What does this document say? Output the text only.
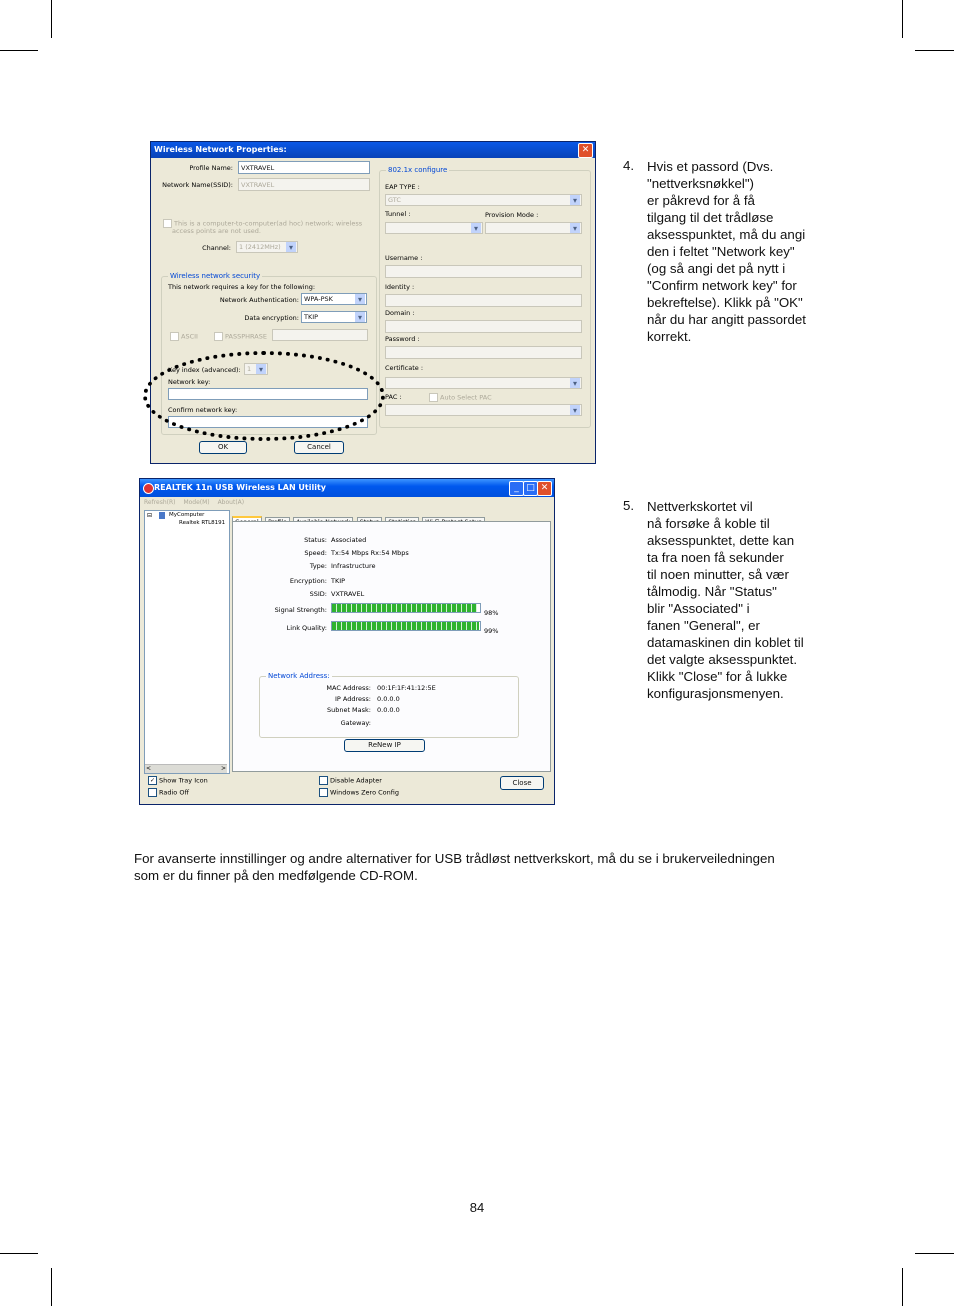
Wireless Network Properties:	✕
Profile Name:	VXTRAVEL
Network Name(SSID):	VXTRAVEL
This is a computer-to-computer(ad hoc) network; wireless
access points are not used.
Channel:	1 (2412MHz) ▾
Wireless network security
This network requires a key for the following:
Network Authentication: WPA-PSK ▾
Data encryption: TKIP ▾
ASCII	PASSPHRASE
Key index (advanced): 1 ▾
Network key:
Confirm network key:
802.1x configure
EAP TYPE :
GTC ▾
Tunnel :	Provision Mode :
▾
▾
Username :
Identity :
Domain :
Password :
Certificate :
▾
PAC :	Auto Select PAC
▾
OK	Cancel
4. Hvis et passord (Dvs.
"nettverksnøkkel")
er påkrevd for å få
tilgang til det trådløse
aksesspunktet, må du angi
den i feltet "Network key"
(og så angi det på nytt i
"Confirm network key" for
bekreftelse). Klikk på "OK"
når du har angitt passordet
korrekt.
REALTEK 11n USB Wireless LAN Utility	_ □ ✕
Refresh(R) Mode(M) About(A)
⊟	MyComputer
Realtek RTL8191
<	>

Status: Associated
Speed: Tx:54 Mbps Rx:54 Mbps
Type: Infrastructure
Encryption: TKIP
SSID: VXTRAVEL
Signal Strength:	98%
Link Quality:	99%
Network Address:
MAC Address: 00:1F:1F:41:12:5E
IP Address: 0.0.0.0
Subnet Mask: 0.0.0.0
Gateway:
ReNew IP
✓ Show Tray Icon
Radio Off
Disable Adapter
Windows Zero Config
Close
5. Nettverkskortet vil
nå forsøke å koble til
aksesspunktet, dette kan
ta fra noen få sekunder
til noen minutter, så vær
tålmodig. Når "Status"
blir "Associated" i
fanen "General", er
datamaskinen din koblet til
det valgte aksesspunktet.
Klikk "Close" for å lukke
konfigurasjonsmenyen.

For avanserte innstillinger og andre alternativer for USB trådløst nettverkskort, må du se i brukerveiledningen

som er du finner på den medfølgende CD-ROM.

84
